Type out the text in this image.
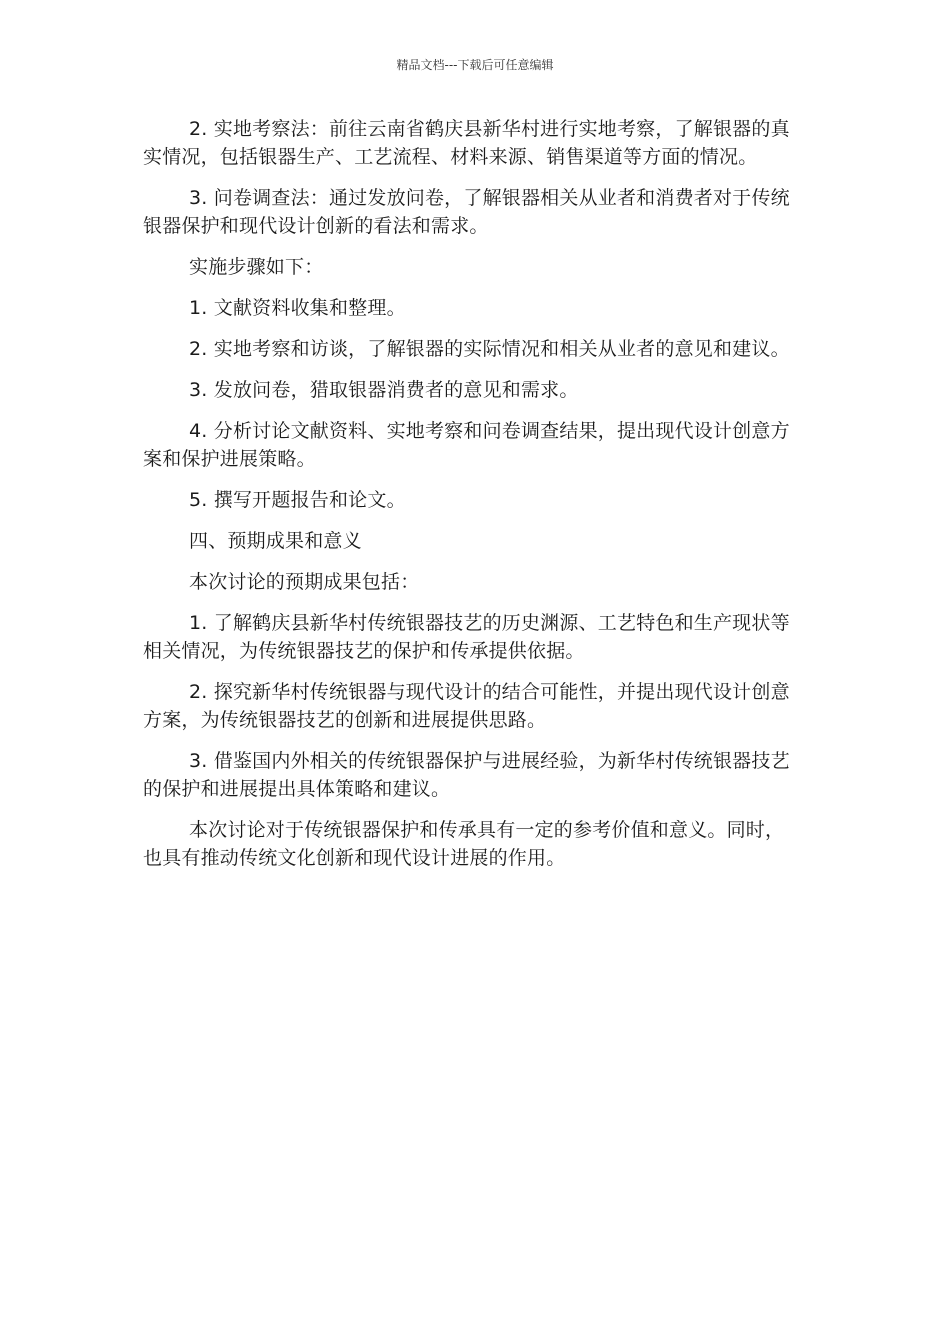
精品文档---下载后可任意编辑

2. 实地考察法：前往云南省鹤庆县新华村进行实地考察，了解银器的真实情况，包括银器生产、工艺流程、材料来源、销售渠道等方面的情况。

3. 问卷调查法：通过发放问卷，了解银器相关从业者和消费者对于传统银器保护和现代设计创新的看法和需求。

实施步骤如下：

1. 文献资料收集和整理。

2. 实地考察和访谈，了解银器的实际情况和相关从业者的意见和建议。

3. 发放问卷，猎取银器消费者的意见和需求。

4. 分析讨论文献资料、实地考察和问卷调查结果，提出现代设计创意方案和保护进展策略。

5. 撰写开题报告和论文。

四、预期成果和意义

本次讨论的预期成果包括：

1. 了解鹤庆县新华村传统银器技艺的历史渊源、工艺特色和生产现状等相关情况，为传统银器技艺的保护和传承提供依据。

2. 探究新华村传统银器与现代设计的结合可能性，并提出现代设计创意方案，为传统银器技艺的创新和进展提供思路。

3. 借鉴国内外相关的传统银器保护与进展经验，为新华村传统银器技艺的保护和进展提出具体策略和建议。

本次讨论对于传统银器保护和传承具有一定的参考价值和意义。同时，也具有推动传统文化创新和现代设计进展的作用。
